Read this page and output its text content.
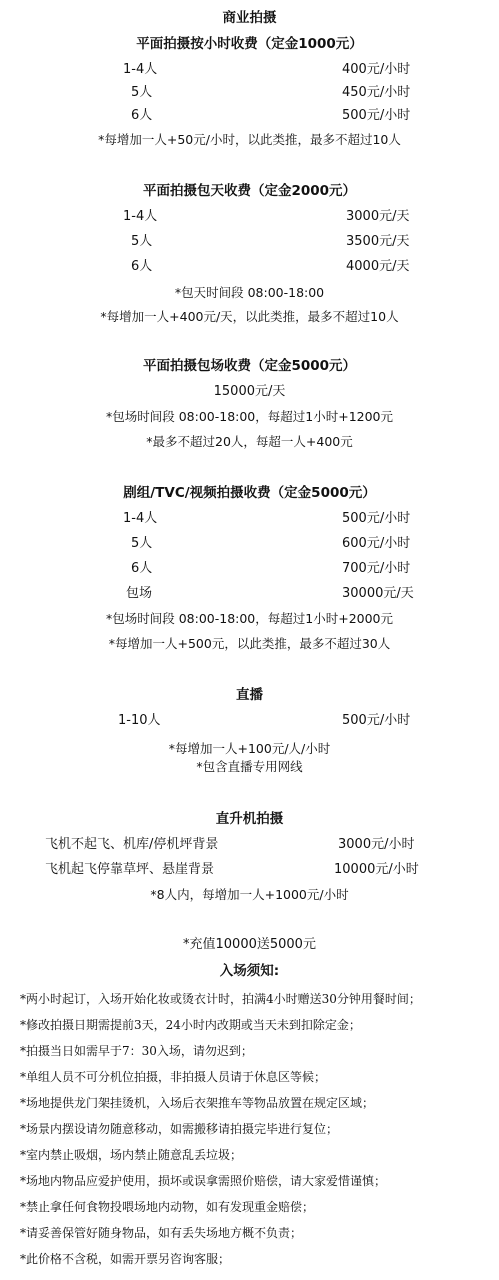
商业拍摄
平面拍摄按小时收费（定金1000元）
1-4人	400元/小时
5人	450元/小时
6人	500元/小时
*每增加一人+50元/小时，以此类推，最多不超过10人
平面拍摄包天收费（定金2000元）
1-4人	3000元/天
5人	3500元/天
6人	4000元/天
*包天时间段 08:00-18:00
*每增加一人+400元/天，以此类推，最多不超过10人
平面拍摄包场收费（定金5000元）
15000元/天
*包场时间段 08:00-18:00，每超过1小时+1200元
*最多不超过20人，每超一人+400元
剧组/TVC/视频拍摄收费（定金5000元）
1-4人	500元/小时
5人	600元/小时
6人	700元/小时
包场	30000元/天
*包场时间段 08:00-18:00，每超过1小时+2000元
*每增加一人+500元，以此类推，最多不超过30人
直播
1-10人	500元/小时
*每增加一人+100元/人/小时
*包含直播专用网线
直升机拍摄
飞机不起飞、机库/停机坪背景	3000元/小时
飞机起飞停靠草坪、悬崖背景	10000元/小时
*8人内，每增加一人+1000元/小时
*充值10000送5000元
入场须知:
*两小时起订，入场开始化妆或烫衣计时，拍满4小时赠送30分钟用餐时间；
*修改拍摄日期需提前3天，24小时内改期或当天未到扣除定金；
*拍摄当日如需早于7：30入场，请勿迟到；
*单组人员不可分机位拍摄，非拍摄人员请于休息区等候；
*场地提供龙门架挂烫机，入场后衣架推车等物品放置在规定区域；
*场景内摆设请勿随意移动，如需搬移请拍摄完毕进行复位；
*室内禁止吸烟，场内禁止随意乱丢垃圾；
*场地内物品应爱护使用，损坏或误拿需照价赔偿，请大家爱惜谨慎；
*禁止拿任何食物投喂场地内动物，如有发现重金赔偿；
*请妥善保管好随身物品，如有丢失场地方概不负责；
*此价格不含税，如需开票另咨询客服；
